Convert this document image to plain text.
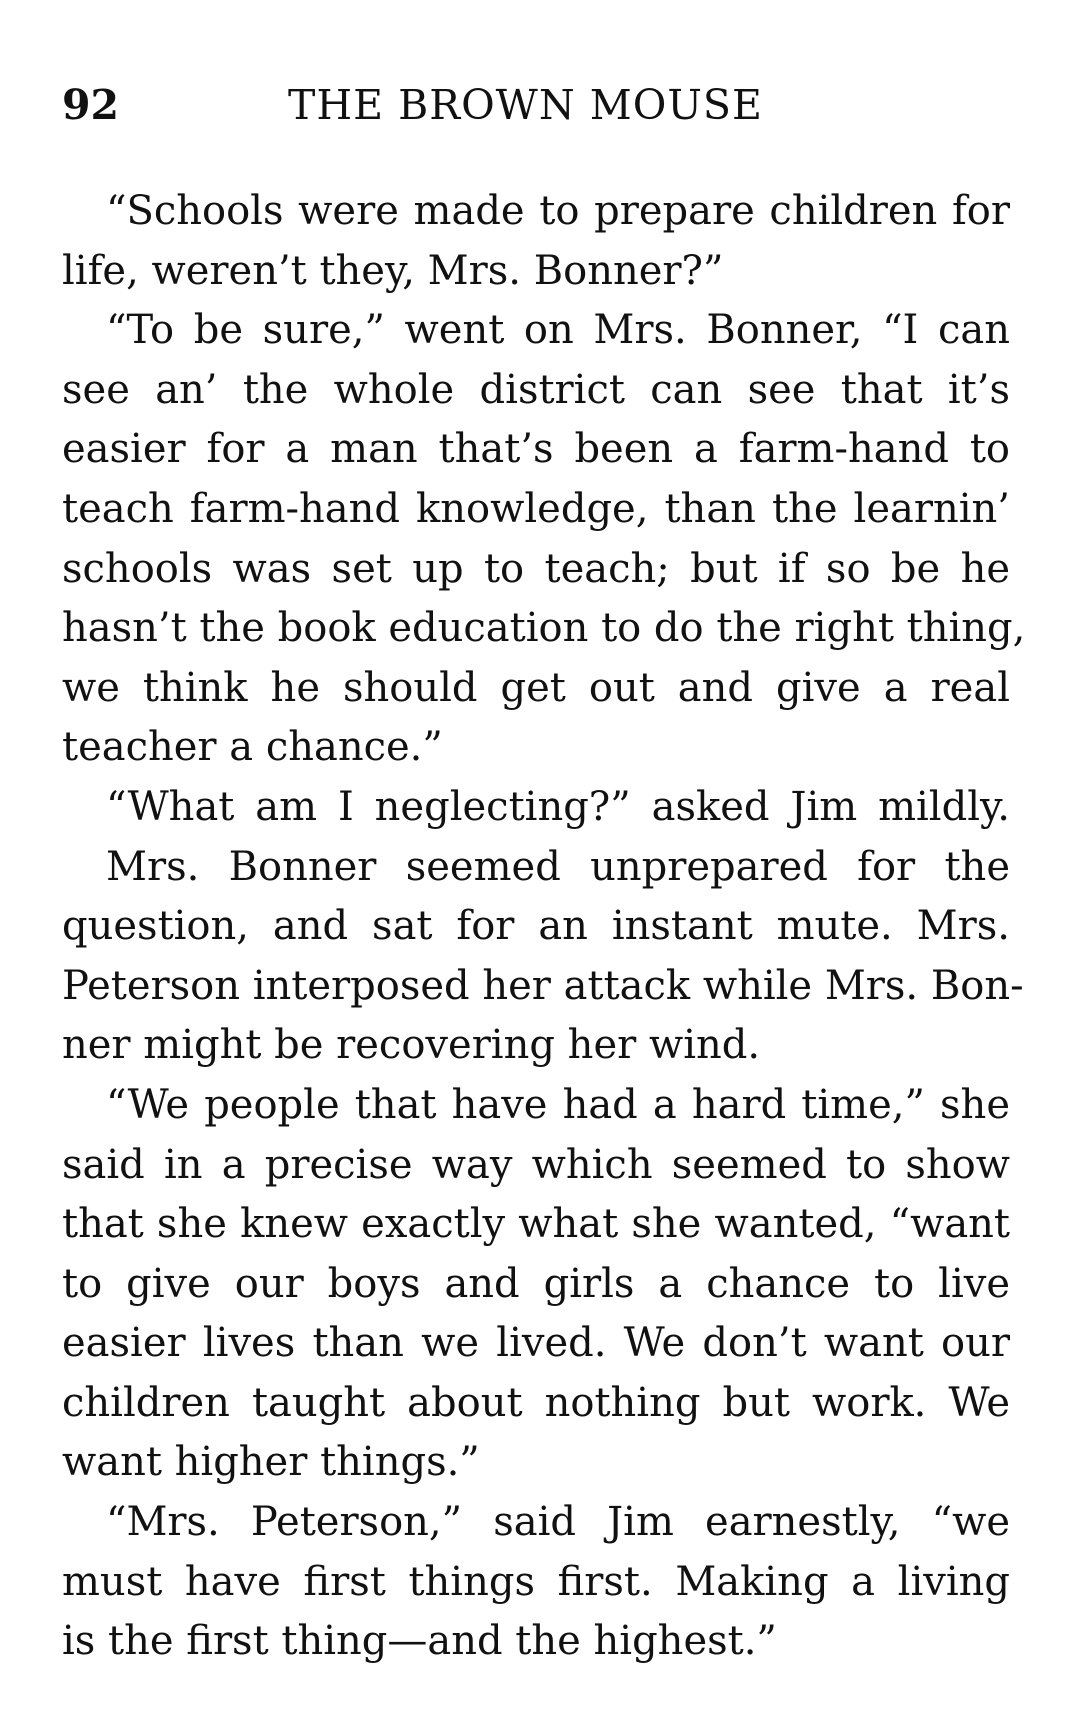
92	THE BROWN MOUSE
“Schools were made to prepare children for
life, weren’t they, Mrs. Bonner?”
“To be sure,” went on Mrs. Bonner, “I can
see an’ the whole district can see that it’s
easier for a man that’s been a farm-hand to
teach farm-hand knowledge, than the learnin’
schools was set up to teach; but if so be he
hasn’t the book education to do the right thing,
we think he should get out and give a real
teacher a chance.”
“What am I neglecting?” asked Jim mildly.
Mrs. Bonner seemed unprepared for the
question, and sat for an instant mute. Mrs.
Peterson interposed her attack while Mrs. Bon-
ner might be recovering her wind.
“We people that have had a hard time,” she
said in a precise way which seemed to show
that she knew exactly what she wanted, “want
to give our boys and girls a chance to live
easier lives than we lived. We don’t want our
children taught about nothing but work. We
want higher things.”
“Mrs. Peterson,” said Jim earnestly, “we
must have first things first. Making a living
is the first thing—and the highest.”
